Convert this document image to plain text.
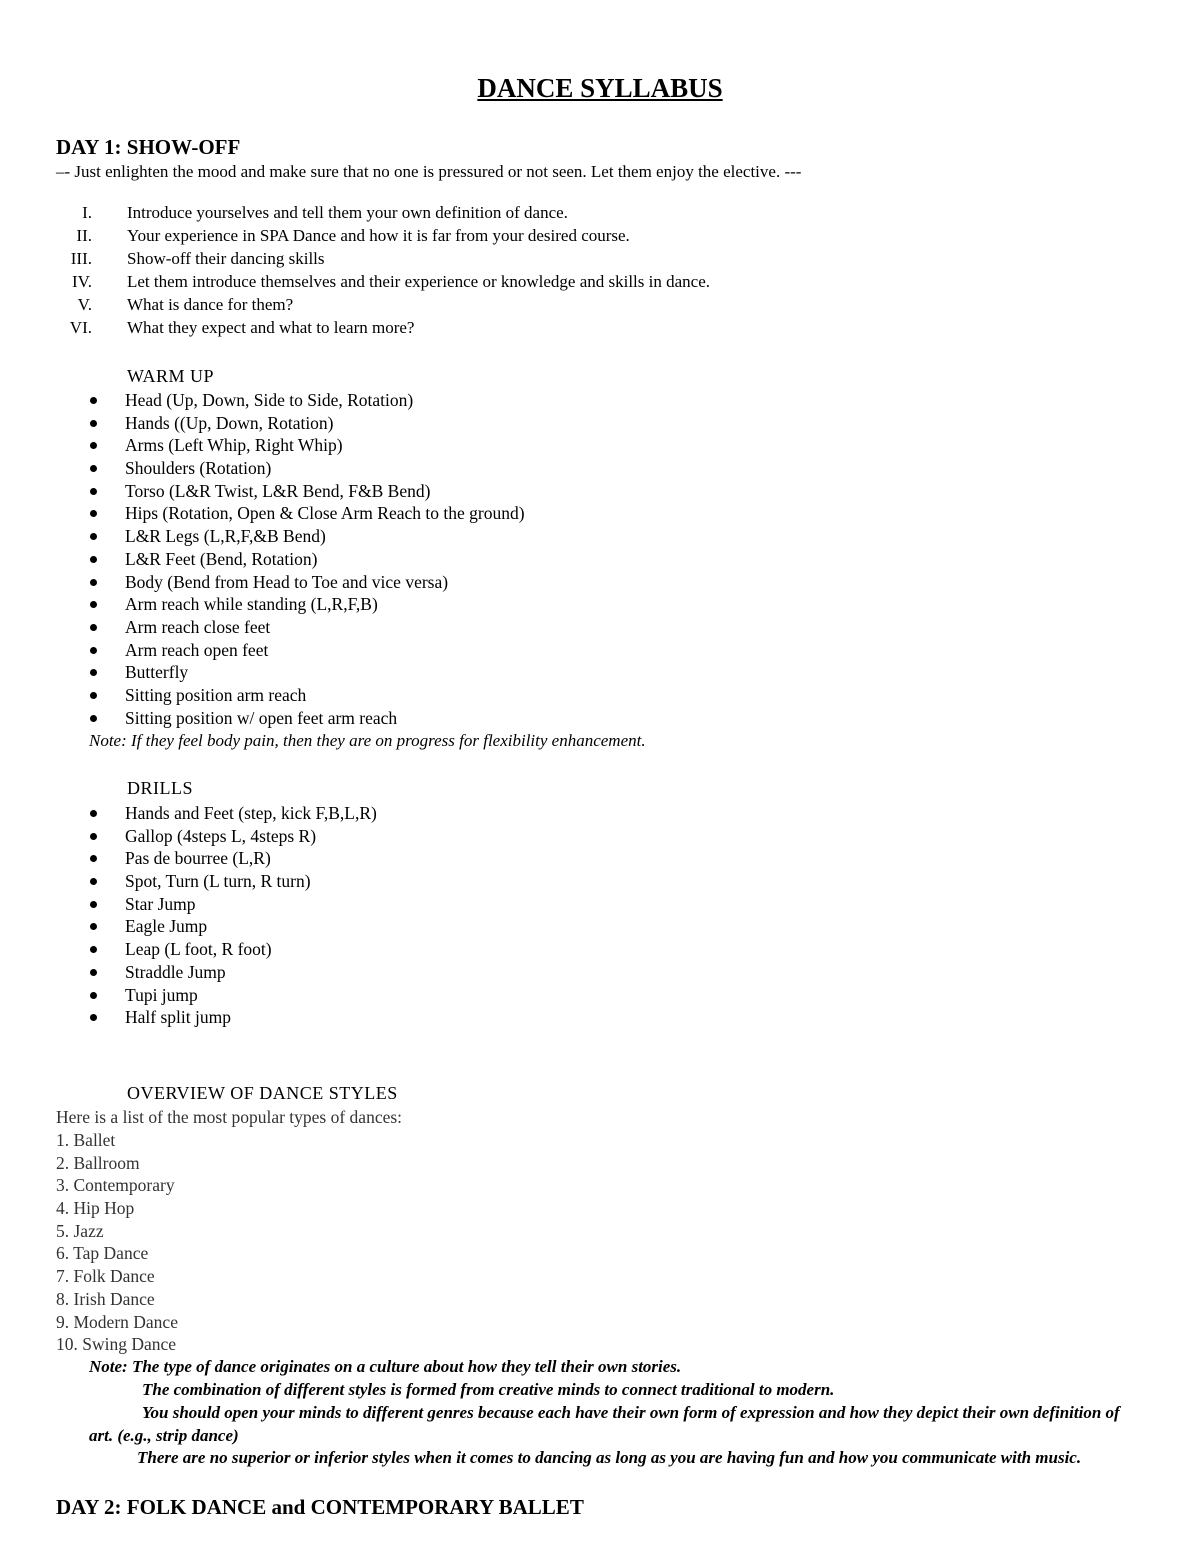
DANCE SYLLABUS
DAY 1: SHOW-OFF
–- Just enlighten the mood and make sure that no one is pressured or not seen. Let them enjoy the elective. ---
I. Introduce yourselves and tell them your own definition of dance.
II. Your experience in SPA Dance and how it is far from your desired course.
III. Show-off their dancing skills
IV. Let them introduce themselves and their experience or knowledge and skills in dance.
V. What is dance for them?
VI. What they expect and what to learn more?
WARM UP
Head (Up, Down, Side to Side, Rotation)
Hands ((Up, Down, Rotation)
Arms (Left Whip, Right Whip)
Shoulders (Rotation)
Torso (L&R Twist, L&R Bend, F&B Bend)
Hips (Rotation, Open & Close Arm Reach to the ground)
L&R Legs (L,R,F,&B Bend)
L&R Feet (Bend, Rotation)
Body (Bend from Head to Toe and vice versa)
Arm reach while standing (L,R,F,B)
Arm reach close feet
Arm reach open feet
Butterfly
Sitting position arm reach
Sitting position w/ open feet arm reach
Note: If they feel body pain, then they are on progress for flexibility enhancement.
DRILLS
Hands and Feet (step, kick F,B,L,R)
Gallop (4steps L, 4steps R)
Pas de bourree (L,R)
Spot, Turn (L turn, R turn)
Star Jump
Eagle Jump
Leap (L foot, R foot)
Straddle Jump
Tupi jump
Half split jump
OVERVIEW OF DANCE STYLES
Here is a list of the most popular types of dances:
1. Ballet
2. Ballroom
3. Contemporary
4. Hip Hop
5. Jazz
6. Tap Dance
7. Folk Dance
8. Irish Dance
9. Modern Dance
10. Swing Dance
Note: The type of dance originates on a culture about how they tell their own stories.
The combination of different styles is formed from creative minds to connect traditional to modern.
You should open your minds to different genres because each have their own form of expression and how they depict their own definition of art. (e.g., strip dance)
There are no superior or inferior styles when it comes to dancing as long as you are having fun and how you communicate with music.
DAY 2: FOLK DANCE and CONTEMPORARY BALLET
